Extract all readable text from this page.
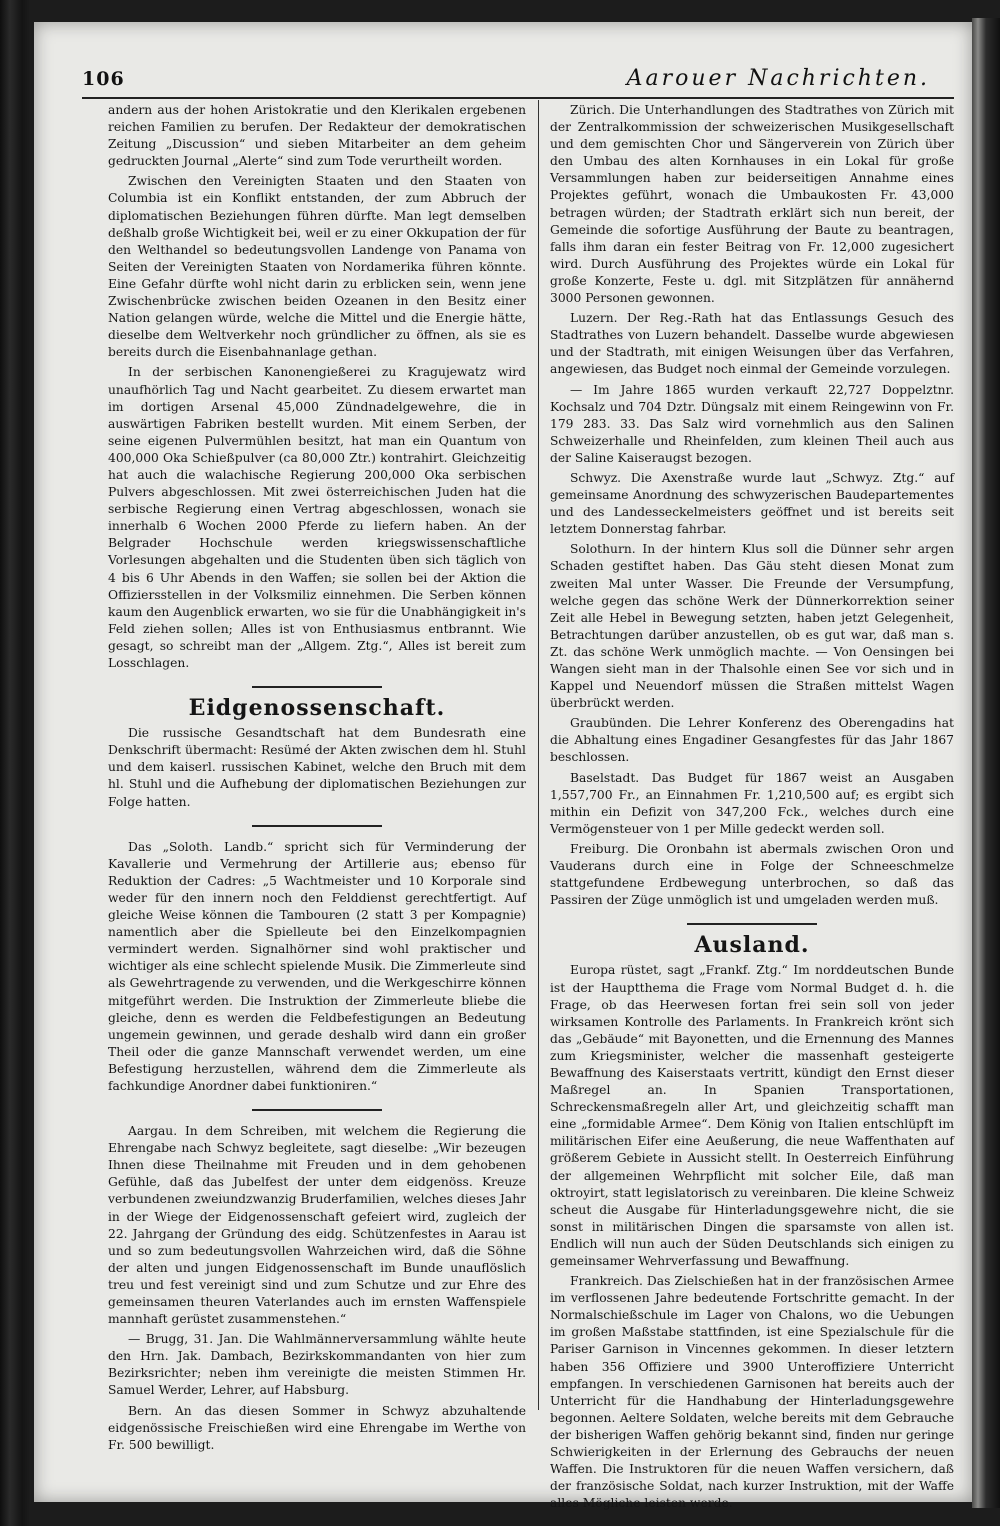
106	Aarouer Nachrichten.

andern aus der hohen Aristokratie und den Klerikalen ergebenen reichen Familien zu berufen. Der Redakteur der demokratischen Zeitung „Discussion“ und sieben Mitarbeiter an dem geheim gedruckten Journal „Alerte“ sind zum Tode verurtheilt worden.

Zwischen den Vereinigten Staaten und den Staaten von Columbia ist ein Konflikt entstanden, der zum Abbruch der diplomatischen Beziehungen führen dürfte. Man legt demselben deßhalb große Wichtigkeit bei, weil er zu einer Okkupation der für den Welthandel so bedeutungsvollen Landenge von Panama von Seiten der Vereinigten Staaten von Nordamerika führen könnte. Eine Gefahr dürfte wohl nicht darin zu erblicken sein, wenn jene Zwischenbrücke zwischen beiden Ozeanen in den Besitz einer Nation gelangen würde, welche die Mittel und die Energie hätte, dieselbe dem Weltverkehr noch gründlicher zu öffnen, als sie es bereits durch die Eisenbahnanlage gethan.

In der serbischen Kanonengießerei zu Kragujewatz wird unaufhörlich Tag und Nacht gearbeitet. Zu diesem erwartet man im dortigen Arsenal 45,000 Zündnadelgewehre, die in auswärtigen Fabriken bestellt wurden. Mit einem Serben, der seine eigenen Pulvermühlen besitzt, hat man ein Quantum von 400,000 Oka Schießpulver (ca 80,000 Ztr.) kontrahirt. Gleichzeitig hat auch die walachische Regierung 200,000 Oka serbischen Pulvers abgeschlossen. Mit zwei österreichischen Juden hat die serbische Regierung einen Vertrag abgeschlossen, wonach sie innerhalb 6 Wochen 2000 Pferde zu liefern haben. An der Belgrader Hochschule werden kriegswissenschaftliche Vorlesungen abgehalten und die Studenten üben sich täglich von 4 bis 6 Uhr Abends in den Waffen; sie sollen bei der Aktion die Offiziersstellen in der Volksmiliz einnehmen. Die Serben können kaum den Augenblick erwarten, wo sie für die Unabhängigkeit in's Feld ziehen sollen; Alles ist von Enthusiasmus entbrannt. Wie gesagt, so schreibt man der „Allgem. Ztg.“, Alles ist bereit zum Losschlagen.

Eidgenossenschaft.

Die russische Gesandtschaft hat dem Bundesrath eine Denkschrift übermacht: Resümé der Akten zwischen dem hl. Stuhl und dem kaiserl. russischen Kabinet, welche den Bruch mit dem hl. Stuhl und die Aufhebung der diplomatischen Beziehungen zur Folge hatten.

Das „Soloth. Landb.“ spricht sich für Verminderung der Kavallerie und Vermehrung der Artillerie aus; ebenso für Reduktion der Cadres: „5 Wachtmeister und 10 Korporale sind weder für den innern noch den Felddienst gerechtfertigt. Auf gleiche Weise können die Tambouren (2 statt 3 per Kompagnie) namentlich aber die Spielleute bei den Einzelkompagnien vermindert werden. Signalhörner sind wohl praktischer und wichtiger als eine schlecht spielende Musik. Die Zimmerleute sind als Gewehrtragende zu verwenden, und die Werkgeschirre können mitgeführt werden. Die Instruktion der Zimmerleute bliebe die gleiche, denn es werden die Feldbefestigungen an Bedeutung ungemein gewinnen, und gerade deshalb wird dann ein großer Theil oder die ganze Mannschaft verwendet werden, um eine Befestigung herzustellen, während dem die Zimmerleute als fachkundige Anordner dabei funktioniren.“

Aargau. In dem Schreiben, mit welchem die Regierung die Ehrengabe nach Schwyz begleitete, sagt dieselbe: „Wir bezeugen Ihnen diese Theilnahme mit Freuden und in dem gehobenen Gefühle, daß das Jubelfest der unter dem eidgenöss. Kreuze verbundenen zweiundzwanzig Bruderfamilien, welches dieses Jahr in der Wiege der Eidgenossenschaft gefeiert wird, zugleich der 22. Jahrgang der Gründung des eidg. Schützenfestes in Aarau ist und so zum bedeutungsvollen Wahrzeichen wird, daß die Söhne der alten und jungen Eidgenossenschaft im Bunde unauflöslich treu und fest vereinigt sind und zum Schutze und zur Ehre des gemeinsamen theuren Vaterlandes auch im ernsten Waffenspiele mannhaft gerüstet zusammenstehen.“

— Brugg, 31. Jan. Die Wahlmännerversammlung wählte heute den Hrn. Jak. Dambach, Bezirkskommandanten von hier zum Bezirksrichter; neben ihm vereinigte die meisten Stimmen Hr. Samuel Werder, Lehrer, auf Habsburg.

Bern. An das diesen Sommer in Schwyz abzuhaltende eidgenössische Freischießen wird eine Ehrengabe im Werthe von Fr. 500 bewilligt.

Zürich. Die Unterhandlungen des Stadtrathes von Zürich mit der Zentralkommission der schweizerischen Musikgesellschaft und dem gemischten Chor und Sängerverein von Zürich über den Umbau des alten Kornhauses in ein Lokal für große Versammlungen haben zur beiderseitigen Annahme eines Projektes geführt, wonach die Umbaukosten Fr. 43,000 betragen würden; der Stadtrath erklärt sich nun bereit, der Gemeinde die sofortige Ausführung der Baute zu beantragen, falls ihm daran ein fester Beitrag von Fr. 12,000 zugesichert wird. Durch Ausführung des Projektes würde ein Lokal für große Konzerte, Feste u. dgl. mit Sitzplätzen für annähernd 3000 Personen gewonnen.

Luzern. Der Reg.-Rath hat das Entlassungs Gesuch des Stadtrathes von Luzern behandelt. Dasselbe wurde abgewiesen und der Stadtrath, mit einigen Weisungen über das Verfahren, angewiesen, das Budget noch einmal der Gemeinde vorzulegen.

— Im Jahre 1865 wurden verkauft 22,727 Doppelztnr. Kochsalz und 704 Dztr. Düngsalz mit einem Reingewinn von Fr. 179 283. 33. Das Salz wird vornehmlich aus den Salinen Schweizerhalle und Rheinfelden, zum kleinen Theil auch aus der Saline Kaiseraugst bezogen.

Schwyz. Die Axenstraße wurde laut „Schwyz. Ztg.“ auf gemeinsame Anordnung des schwyzerischen Baudepartementes und des Landesseckelmeisters geöffnet und ist bereits seit letztem Donnerstag fahrbar.

Solothurn. In der hintern Klus soll die Dünner sehr argen Schaden gestiftet haben. Das Gäu steht diesen Monat zum zweiten Mal unter Wasser. Die Freunde der Versumpfung, welche gegen das schöne Werk der Dünnerkorrektion seiner Zeit alle Hebel in Bewegung setzten, haben jetzt Gelegenheit, Betrachtungen darüber anzustellen, ob es gut war, daß man s. Zt. das schöne Werk unmöglich machte. — Von Oensingen bei Wangen sieht man in der Thalsohle einen See vor sich und in Kappel und Neuendorf müssen die Straßen mittelst Wagen überbrückt werden.

Graubünden. Die Lehrer Konferenz des Oberengadins hat die Abhaltung eines Engadiner Gesangfestes für das Jahr 1867 beschlossen.

Baselstadt. Das Budget für 1867 weist an Ausgaben 1,557,700 Fr., an Einnahmen Fr. 1,210,500 auf; es ergibt sich mithin ein Defizit von 347,200 Fck., welches durch eine Vermögensteuer von 1 per Mille gedeckt werden soll.

Freiburg. Die Oronbahn ist abermals zwischen Oron und Vauderans durch eine in Folge der Schneeschmelze stattgefundene Erdbewegung unterbrochen, so daß das Passiren der Züge unmöglich ist und umgeladen werden muß.

Ausland.

Europa rüstet, sagt „Frankf. Ztg.“ Im norddeutschen Bunde ist der Hauptthema die Frage vom Normal Budget d. h. die Frage, ob das Heerwesen fortan frei sein soll von jeder wirksamen Kontrolle des Parlaments. In Frankreich krönt sich das „Gebäude“ mit Bayonetten, und die Ernennung des Mannes zum Kriegsminister, welcher die massenhaft gesteigerte Bewaffnung des Kaiserstaats vertritt, kündigt den Ernst dieser Maßregel an. In Spanien Transportationen, Schreckensmaßregeln aller Art, und gleichzeitig schafft man eine „formidable Armee“. Dem König von Italien entschlüpft im militärischen Eifer eine Aeußerung, die neue Waffenthaten auf größerem Gebiete in Aussicht stellt. In Oesterreich Einführung der allgemeinen Wehrpflicht mit solcher Eile, daß man oktroyirt, statt legislatorisch zu vereinbaren. Die kleine Schweiz scheut die Ausgabe für Hinterladungsgewehre nicht, die sie sonst in militärischen Dingen die sparsamste von allen ist. Endlich will nun auch der Süden Deutschlands sich einigen zu gemeinsamer Wehrverfassung und Bewaffnung.

Frankreich. Das Zielschießen hat in der französischen Armee im verflossenen Jahre bedeutende Fortschritte gemacht. In der Normalschießschule im Lager von Chalons, wo die Uebungen im großen Maßstabe stattfinden, ist eine Spezialschule für die Pariser Garnison in Vincennes gekommen. In dieser letztern haben 356 Offiziere und 3900 Unteroffiziere Unterricht empfangen. In verschiedenen Garnisonen hat bereits auch der Unterricht für die Handhabung der Hinterladungsgewehre begonnen. Aeltere Soldaten, welche bereits mit dem Gebrauche der bisherigen Waffen gehörig bekannt sind, finden nur geringe Schwierigkeiten in der Erlernung des Gebrauchs der neuen Waffen. Die Instruktoren für die neuen Waffen versichern, daß der französische Soldat, nach kurzer Instruktion, mit der Waffe alles Mögliche leisten werde.
